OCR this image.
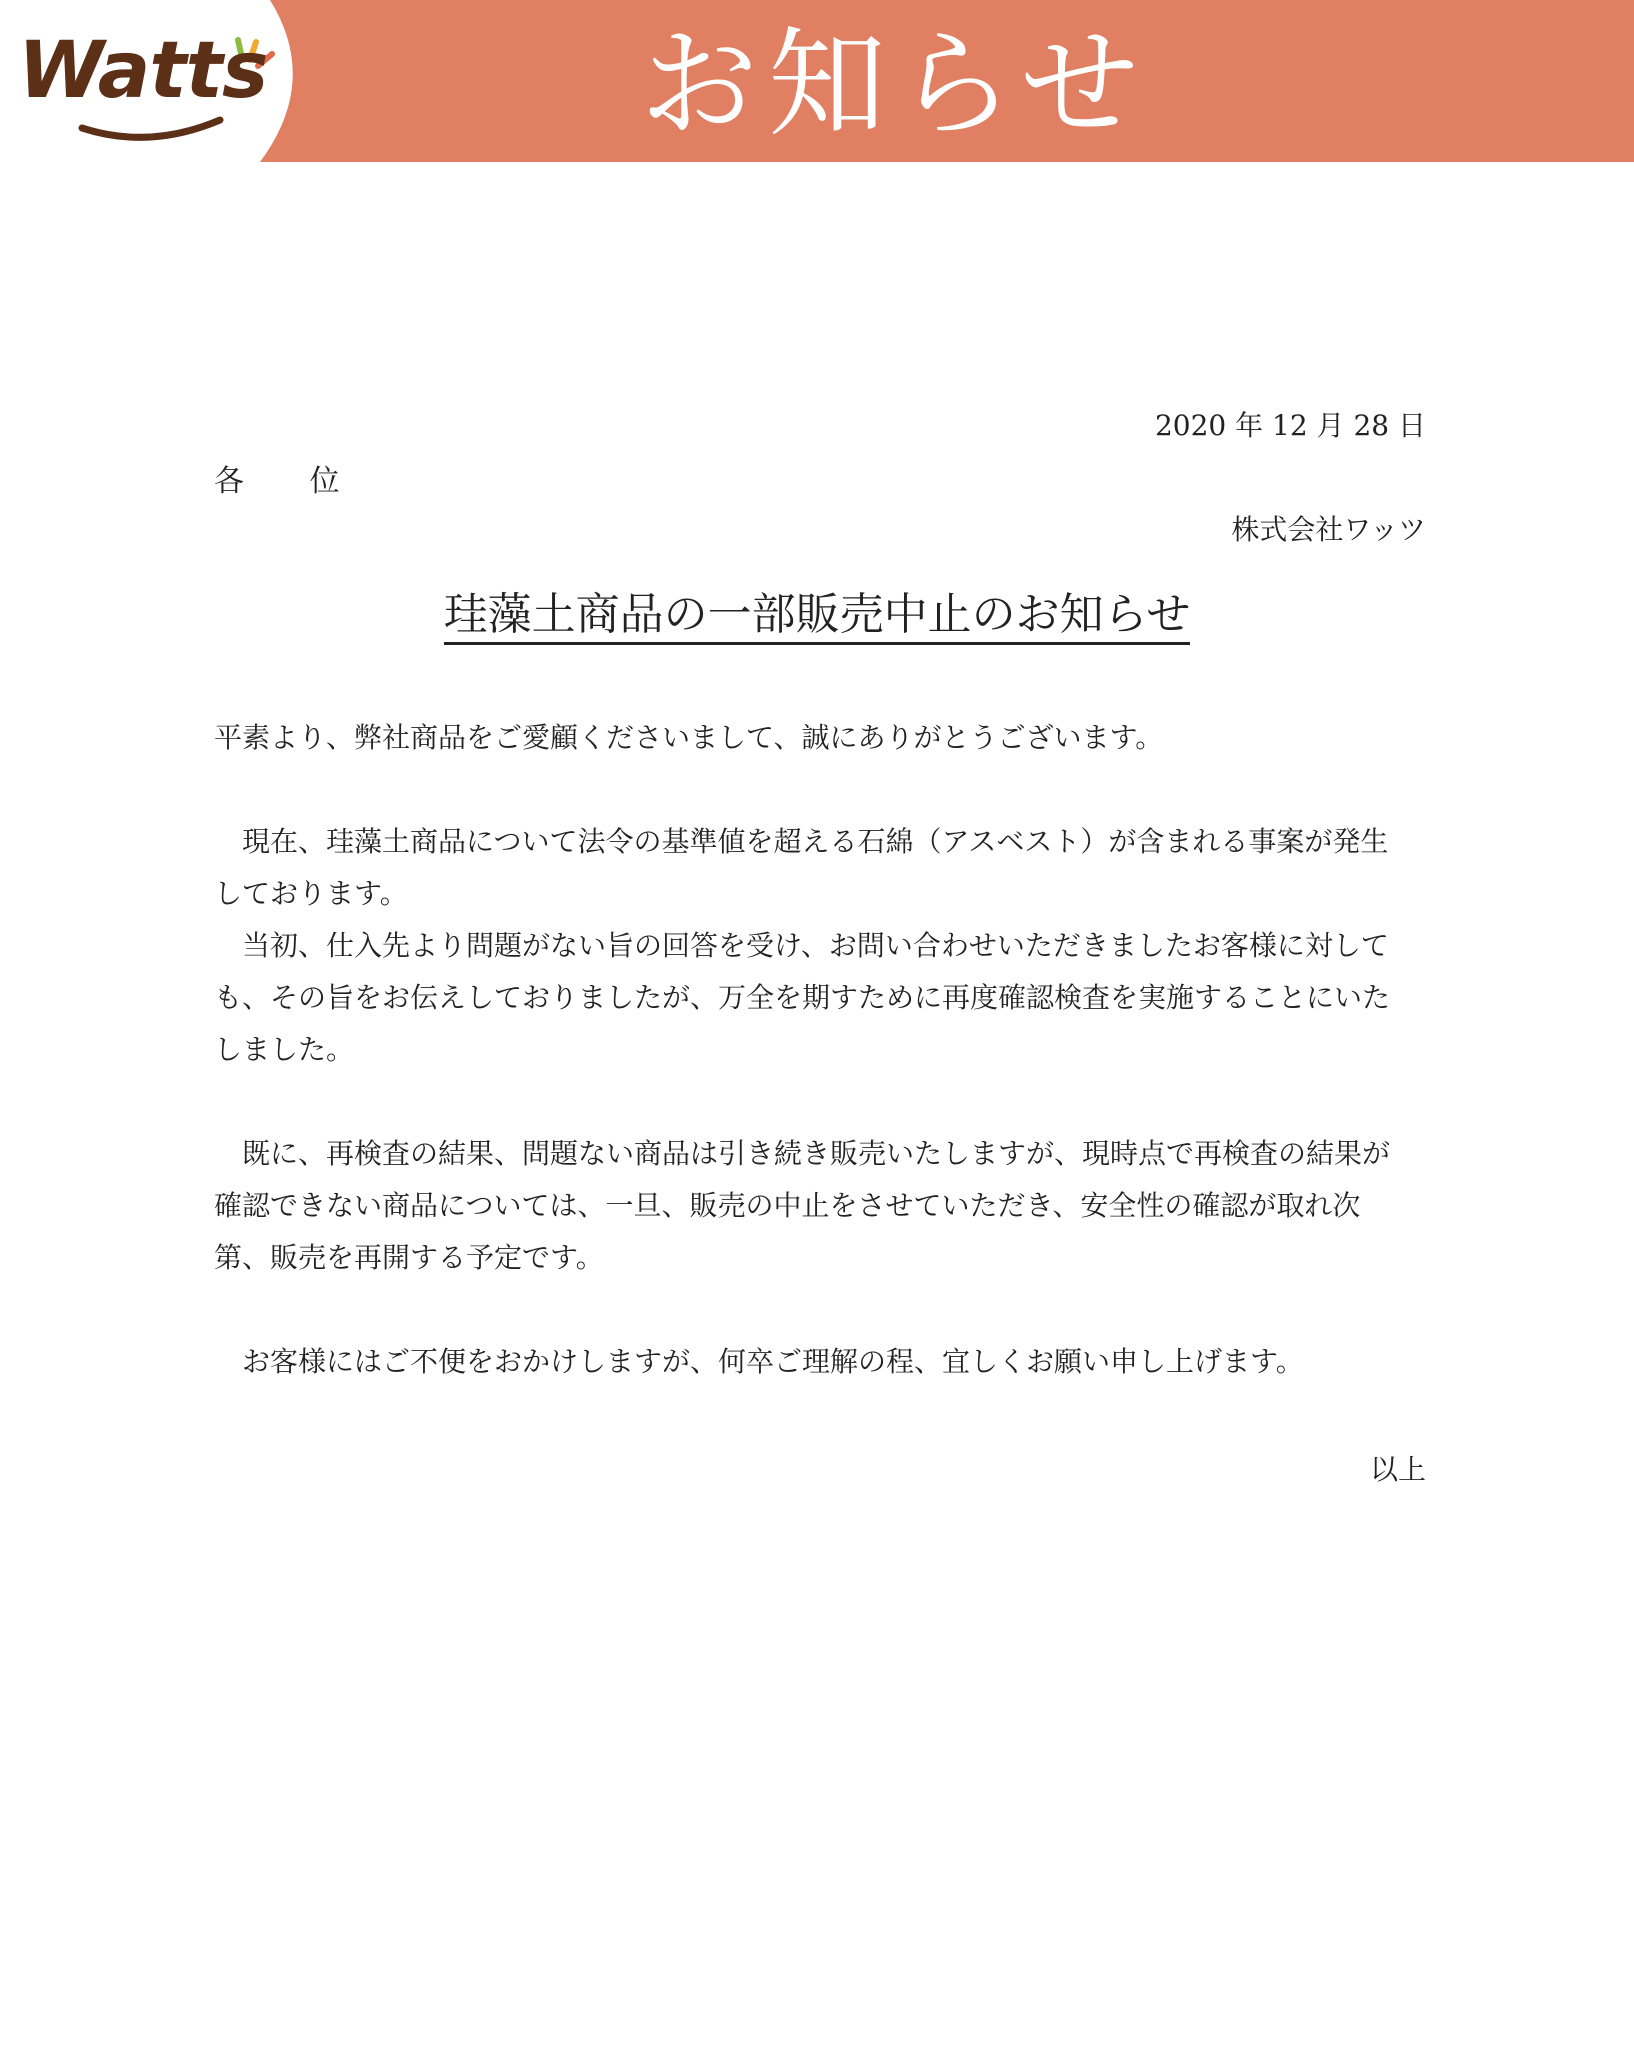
Watts	お知らせ
2020 年 12 月 28 日
各 位
株式会社ワッツ
珪藻土商品の一部販売中止のお知らせ

平素より、弊社商品をご愛顧くださいまして、誠にありがとうございます。

現在、珪藻土商品について法令の基準値を超える石綿（アスベスト）が含まれる事案が発生しております。

当初、仕入先より問題がない旨の回答を受け、お問い合わせいただきましたお客様に対しても、その旨をお伝えしておりましたが、万全を期すために再度確認検査を実施することにいたしました。

既に、再検査の結果、問題ない商品は引き続き販売いたしますが、現時点で再検査の結果が確認できない商品については、一旦、販売の中止をさせていただき、安全性の確認が取れ次第、販売を再開する予定です。

お客様にはご不便をおかけしますが、何卒ご理解の程、宜しくお願い申し上げます。

以上
